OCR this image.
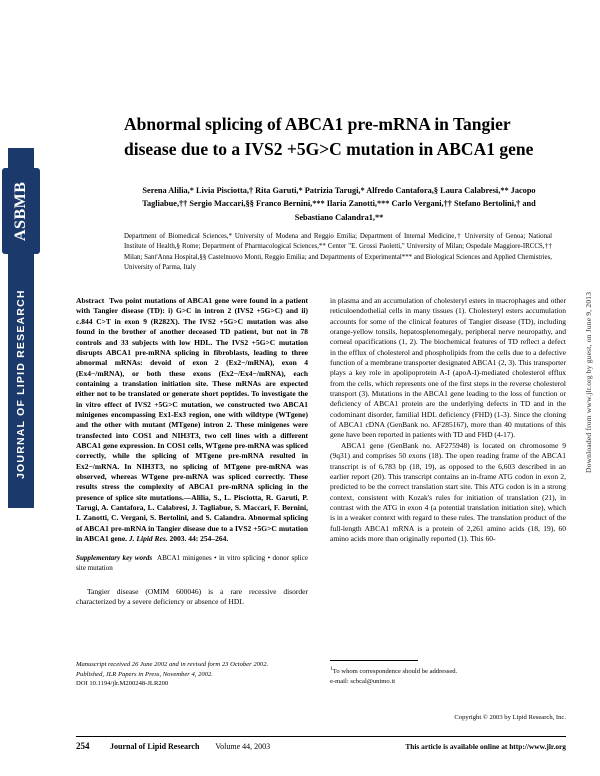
ASBMB
JOURNAL OF LIPID RESEARCH	Downloaded from www.jlr.org by guest, on June 9, 2013
Abnormal splicing of ABCA1 pre-mRNA in Tangier disease due to a IVS2 +5G>C mutation in ABCA1 gene
Serena Alilia,* Livia Pisciotta,† Rita Garuti,* Patrizia Tarugi,* Alfredo Cantafora,§ Laura Calabresi,** Jacopo Tagliabue,†† Sergio Maccari,§§ Franco Bernini,*** Ilaria Zanotti,*** Carlo Vergani,†† Stefano Bertolini,† and Sebastiano Calandra1,**
Department of Biomedical Sciences,* University of Modena and Reggio Emilia; Department of Internal Medicine,† University of Genoa; National Institute of Health,§ Rome; Department of Pharmacological Sciences,** Center "E. Grossi Paoletti," University of Milan; Ospedale Maggiore-IRCCS,†† Milan; Sant'Anna Hospital,§§ Castelnuovo Monti, Reggio Emilia; and Departments of Experimental*** and Biological Sciences and Applied Chemistries, University of Parma, Italy

Abstract Two point mutations of ABCA1 gene were found in a patient with Tangier disease (TD): i) G>C in intron 2 (IVS2 +5G>C) and ii) c.844 C>T in exon 9 (R282X). The IVS2 +5G>C mutation was also found in the brother of another deceased TD patient, but not in 78 controls and 33 subjects with low HDL. The IVS2 +5G>C mutation disrupts ABCA1 pre-mRNA splicing in fibroblasts, leading to three abnormal mRNAs: devoid of exon 2 (Ex2−/mRNA), exon 4 (Ex4−/mRNA), or both these exons (Ex2−/Ex4−/mRNA), each containing a translation initiation site. These mRNAs are expected either not to be translated or generate short peptides. To investigate the in vitro effect of IVS2 +5G>C mutation, we constructed two ABCA1 minigenes encompassing Ex1-Ex3 region, one with wildtype (WTgene) and the other with mutant (MTgene) intron 2. These minigenes were transfected into COS1 and NIH3T3, two cell lines with a different ABCA1 gene expression. In COS1 cells, WTgene pre-mRNA was spliced correctly, while the splicing of MTgene pre-mRNA resulted in Ex2−/mRNA. In NIH3T3, no splicing of MTgene pre-mRNA was observed, whereas WTgene pre-mRNA was spliced correctly. These results stress the complexity of ABCA1 pre-mRNA splicing in the presence of splice site mutations.—Alilia, S., L. Pisciotta, R. Garuti, P. Tarugi, A. Cantafora, L. Calabresi, J. Tagliabue, S. Maccari, F. Bernini, I. Zanotti, C. Vergani, S. Bertolini, and S. Calandra. Abnormal splicing of ABCA1 pre-mRNA in Tangier disease due to a IVS2 +5G>C mutation in ABCA1 gene. J. Lipid Res. 2003. 44: 254–264.

Supplementary key words ABCA1 minigenes • in vitro splicing • donor splice site mutation

Tangier disease (OMIM 600046) is a rare recessive disorder characterized by a severe deficiency or absence of HDL

in plasma and an accumulation of cholesteryl esters in macrophages and other reticuloendothelial cells in many tissues (1). Cholesteryl esters accumulation accounts for some of the clinical features of Tangier disease (TD), including orange-yellow tonsils, hepatosplenomegaly, peripheral nerve neuropathy, and corneal opacifications (1, 2). The biochemical features of TD reflect a defect in the efflux of cholesterol and phospholipids from the cells due to a defective function of a membrane transporter designated ABCA1 (2, 3). This transporter plays a key role in apolipoprotein A-I (apoA-I)-mediated cholesterol efflux from the cells, which represents one of the first steps in the reverse cholesterol transport (3). Mutations in the ABCA1 gene leading to the loss of function or deficiency of ABCA1 protein are the underlying defects in TD and in the codominant disorder, familial HDL deficiency (FHD) (1-3). Since the cloning of ABCA1 cDNA (GenBank no. AF285167), more than 40 mutations of this gene have been reported in patients with TD and FHD (4-17).

ABCA1 gene (GenBank no. AF275948) is located on chromosome 9 (9q31) and comprises 50 exons (18). The open reading frame of the ABCA1 transcript is of 6,783 bp (18, 19), as opposed to the 6,603 described in an earlier report (20). This transcript contains an in-frame ATG codon in exon 2, predicted to be the correct translation start site. This ATG codon is in a strong context, consistent with Kozak's rules for initiation of translation (21), in contrast with the ATG in exon 4 (a potential translation initiation site), which is in a weaker context with regard to these rules. The translation product of the full-length ABCA1 mRNA is a protein of 2,261 amino acids (18, 19), 60 amino acids more than originally reported (1). This 60-

Manuscript received 26 June 2002 and in revised form 23 October 2002.
Published, JLR Papers in Press, November 4, 2002.
DOI 10.1194/jlr.M200248-JLR200
$^1$To whom correspondence should be addressed.
e-mail: scbcal@unimo.it
Copyright © 2003 by Lipid Research, Inc.
254	Journal of Lipid Research Volume 44, 2003	This article is available online at http://www.jlr.org
